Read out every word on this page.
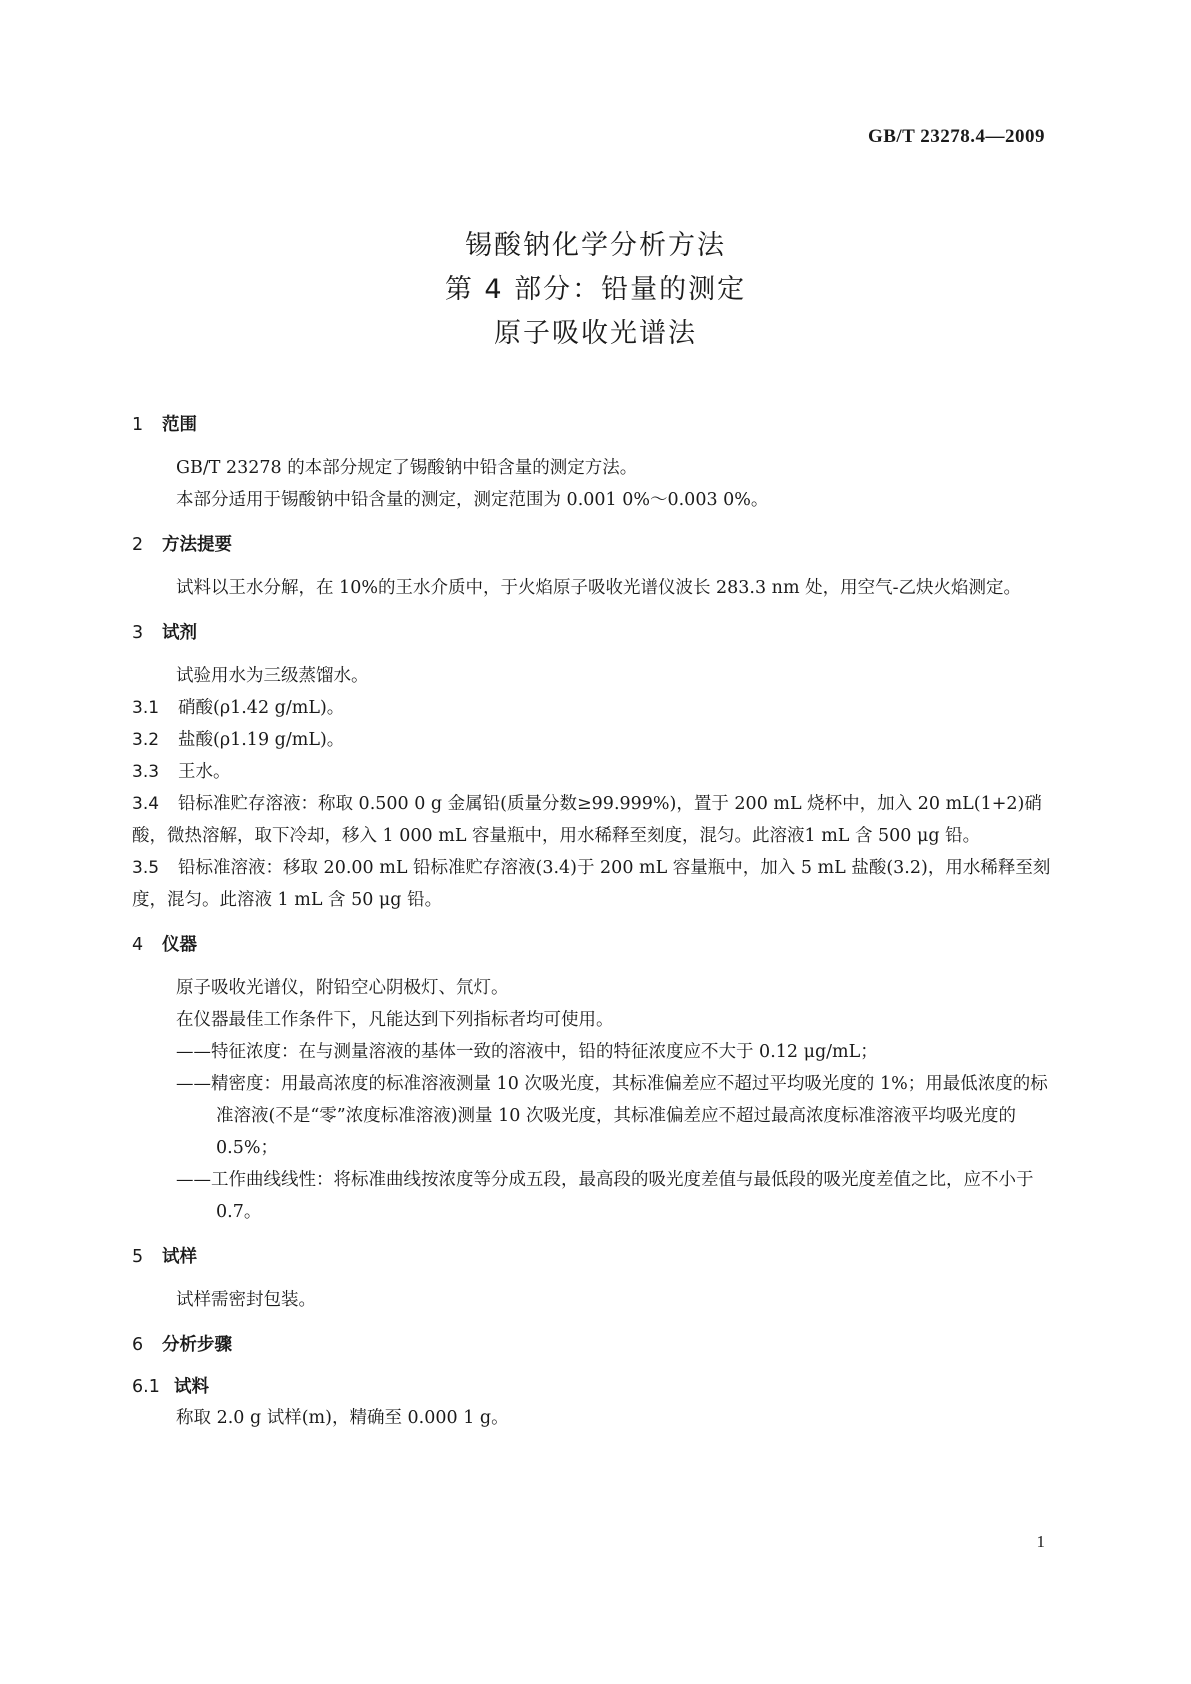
GB/T 23278.4—2009
锡酸钠化学分析方法
第 4 部分：铅量的测定
原子吸收光谱法
1 范围

GB/T 23278 的本部分规定了锡酸钠中铅含量的测定方法。

本部分适用于锡酸钠中铅含量的测定，测定范围为 0.001 0%～0.003 0%。

2 方法提要

试料以王水分解，在 10%的王水介质中，于火焰原子吸收光谱仪波长 283.3 nm 处，用空气-乙炔火焰测定。

3 试剂

试验用水为三级蒸馏水。

3.1 硝酸(ρ1.42 g/mL)。

3.2 盐酸(ρ1.19 g/mL)。

3.3 王水。

3.4 铅标准贮存溶液：称取 0.500 0 g 金属铅(质量分数≥99.999%)，置于 200 mL 烧杯中，加入 20 mL(1+2)硝酸，微热溶解，取下冷却，移入 1 000 mL 容量瓶中，用水稀释至刻度，混匀。此溶液1 mL 含 500 μg 铅。

3.5 铅标准溶液：移取 20.00 mL 铅标准贮存溶液(3.4)于 200 mL 容量瓶中，加入 5 mL 盐酸(3.2)，用水稀释至刻度，混匀。此溶液 1 mL 含 50 μg 铅。

4 仪器

原子吸收光谱仪，附铅空心阴极灯、氘灯。

在仪器最佳工作条件下，凡能达到下列指标者均可使用。

——特征浓度：在与测量溶液的基体一致的溶液中，铅的特征浓度应不大于 0.12 μg/mL；

——精密度：用最高浓度的标准溶液测量 10 次吸光度，其标准偏差应不超过平均吸光度的 1%；用最低浓度的标准溶液(不是“零”浓度标准溶液)测量 10 次吸光度，其标准偏差应不超过最高浓度标准溶液平均吸光度的 0.5%；

——工作曲线线性：将标准曲线按浓度等分成五段，最高段的吸光度差值与最低段的吸光度差值之比，应不小于 0.7。

5 试样

试样需密封包装。

6 分析步骤
6.1 试料

称取 2.0 g 试样(m)，精确至 0.000 1 g。

1
